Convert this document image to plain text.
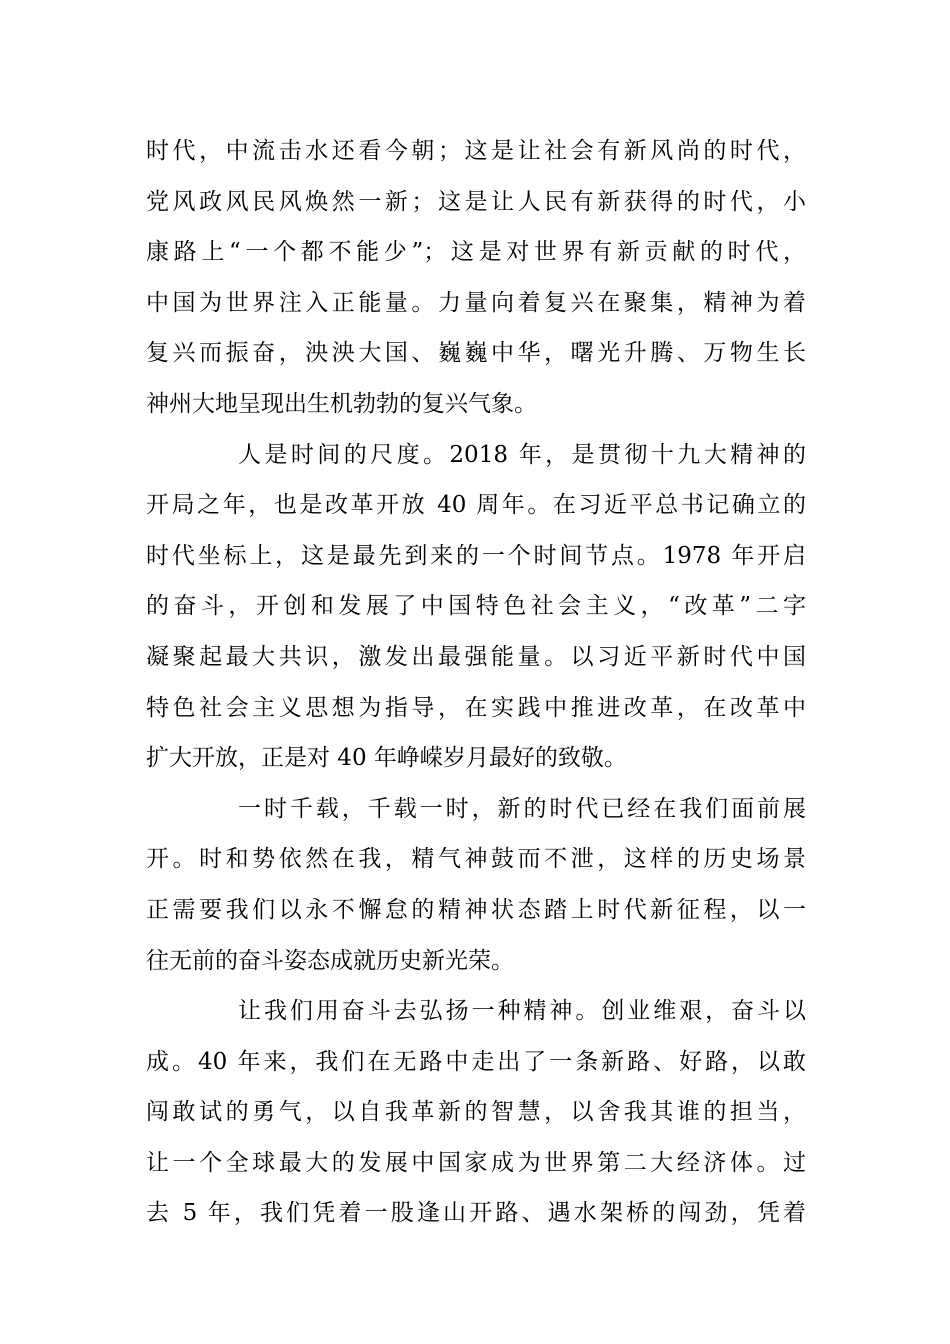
时代，中流击水还看今朝；这是让社会有新风尚的时代，
党风政风民风焕然一新；这是让人民有新获得的时代，小
康路上“一个都不能少”；这是对世界有新贡献的时代，
中国为世界注入正能量。力量向着复兴在聚集，精神为着
复兴而振奋，泱泱大国、巍巍中华，曙光升腾、万物生长
神州大地呈现出生机勃勃的复兴气象。
人是时间的尺度。2018 年，是贯彻十九大精神的
开局之年，也是改革开放 40 周年。在习近平总书记确立的
时代坐标上，这是最先到来的一个时间节点。1978 年开启
的奋斗，开创和发展了中国特色社会主义，“改革”二字
凝聚起最大共识，激发出最强能量。以习近平新时代中国
特色社会主义思想为指导，在实践中推进改革，在改革中
扩大开放，正是对 40 年峥嵘岁月最好的致敬。
一时千载，千载一时，新的时代已经在我们面前展
开。时和势依然在我，精气神鼓而不泄，这样的历史场景
正需要我们以永不懈怠的精神状态踏上时代新征程，以一
往无前的奋斗姿态成就历史新光荣。
让我们用奋斗去弘扬一种精神。创业维艰，奋斗以
成。40 年来，我们在无路中走出了一条新路、好路，以敢
闯敢试的勇气，以自我革新的智慧，以舍我其谁的担当，
让一个全球最大的发展中国家成为世界第二大经济体。过
去 5 年，我们凭着一股逢山开路、遇水架桥的闯劲，凭着
